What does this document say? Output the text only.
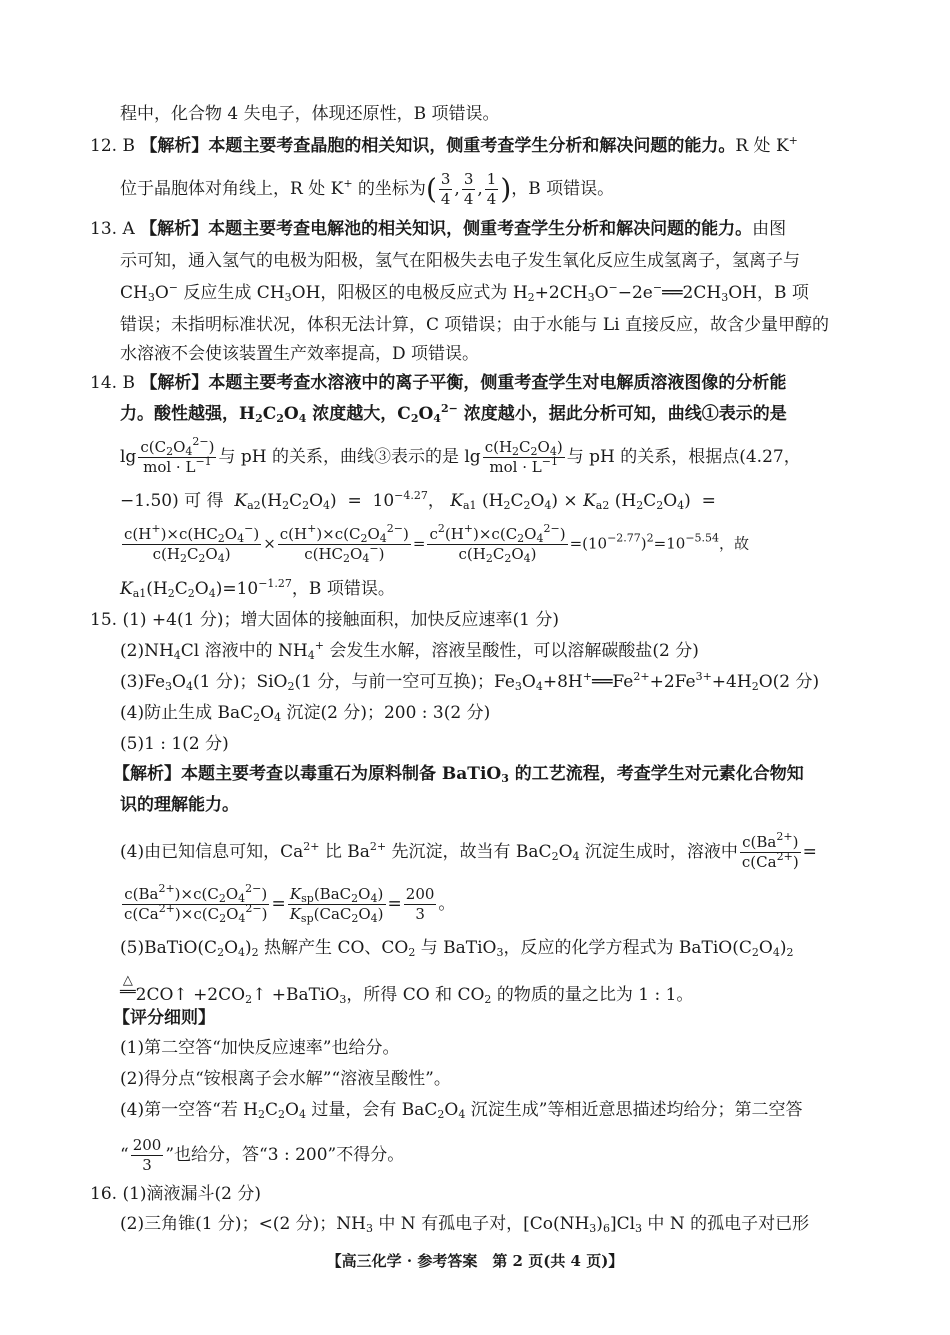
程中，化合物 4 失电子，体现还原性，B 项错误。
12. B 【解析】本题主要考查晶胞的相关知识，侧重考查学生分析和解决问题的能力。R 处 K+
位于晶胞体对角线上，R 处 K+ 的坐标为( $\frac{3}{4}$ , $\frac{3}{4}$ , $\frac{1}{4}$ )，B 项错误。
13. A 【解析】本题主要考查电解池的相关知识，侧重考查学生分析和解决问题的能力。由图
示可知，通入氢气的电极为阳极，氢气在阳极失去电子发生氧化反应生成氢离子，氢离子与
$CH_3O^-$ 反应生成 $CH_3OH$，阳极区的电极反应式为 $H_2+2CH_3O^--2e^-══2CH_3OH$，B 项
错误；未指明标准状况，体积无法计算，C 项错误；由于水能与 Li 直接反应，故含少量甲醇的
水溶液不会使该装置生产效率提高，D 项错误。
14. B 【解析】本题主要考查水溶液中的离子平衡，侧重考查学生对电解质溶液图像的分析能
力。酸性越强，$H_2C_2O_4$ 浓度越大，$C_2O_4^{2-}$ 浓度越小，据此分析可知，曲线①表示的是
$\lg \frac{c(C_2O_4^{2-})}{mol \cdot L^{-1}}$ 与 pH 的关系，曲线③表示的是 $\lg \frac{c(H_2C_2O_4)}{mol \cdot L^{-1}}$ 与 pH 的关系，根据点(4.27，
−1.50) 可 得 $K_{a2}(H_2C_2O_4) = 10^{-4.27}$， $K_{a1}$ $(H_2C_2O_4) \times K_{a2}$ $(H_2C_2O_4)$  =
$\frac{c(H^+)\times c(HC_2O_4^-)}{c(H_2C_2O_4)} \times \frac{c(H^+)\times c(C_2O_4^{2-})}{c(HC_2O_4^-)} = \frac{c^2(H^+)\times c(C_2O_4^{2-})}{c(H_2C_2O_4)} =(10^{-2.77})^2=10^{-5.54}$，故
$K_{a1}(H_2C_2O_4)=10^{-1.27}$，B 项错误。
15. (1) +4(1 分)；增大固体的接触面积，加快反应速率(1 分)
$(2)NH_4Cl$ 溶液中的 $NH_4^+$ 会发生水解，溶液呈酸性，可以溶解碳酸盐(2 分)
$(3)Fe_3O_4(1$ 分)；SiO$_2$(1 分，与前一空可互换)；$Fe_3O_4+8H^+══Fe^{2+}+2Fe^{3+}+4H_2O(2$ 分)
(4)防止生成 $BaC_2O_4$ 沉淀(2 分)；200 : 3(2 分)
(5)1 : 1(2 分)
【解析】本题主要考查以毒重石为原料制备 BaTiO$_3$ 的工艺流程，考查学生对元素化合物知
识的理解能力。
(4)由已知信息可知，$Ca^{2+}$ 比 $Ba^{2+}$ 先沉淀，故当有 $BaC_2O_4$ 沉淀生成时，溶液中 $\frac{c(Ba^{2+})}{c(Ca^{2+})}$ =
$\frac{c(Ba^{2+})\times c(C_2O_4^{2-})}{c(Ca^{2+})\times c(C_2O_4^{2-})} = \frac{K_{sp}(BaC_2O_4)}{K_{sp}(CaC_2O_4)} = \frac{200}{3}$ 。
$(5)BaTiO(C_2O_4)_2$ 热解产生 CO、$CO_2$ 与 BaTiO$_3$，反应的化学方程式为 $BaTiO(C_2O_4)_2$
△
══2CO↑ $+2CO_2↑$ +BaTiO$_3$，所得 CO 和 $CO_2$ 的物质的量之比为 1 : 1。
【评分细则】
(1)第二空答“加快反应速率”也给分。
(2)得分点“铵根离子会水解”“溶液呈酸性”。
(4)第一空答“若 $H_2C_2O_4$ 过量，会有 $BaC_2O_4$ 沉淀生成”等相近意思描述均给分；第二空答
“ $\frac{200}{3}$ ”也给分，答“3 : 200”不得分。
16. (1)滴液漏斗(2 分)
(2)三角锥(1 分)；<(2 分)；$NH_3$ 中 N 有孤电子对，$[Co(NH_3)_6]Cl_3$ 中 N 的孤电子对已形
【高三化学 · 参考答案　第 2 页(共 4 页)】
